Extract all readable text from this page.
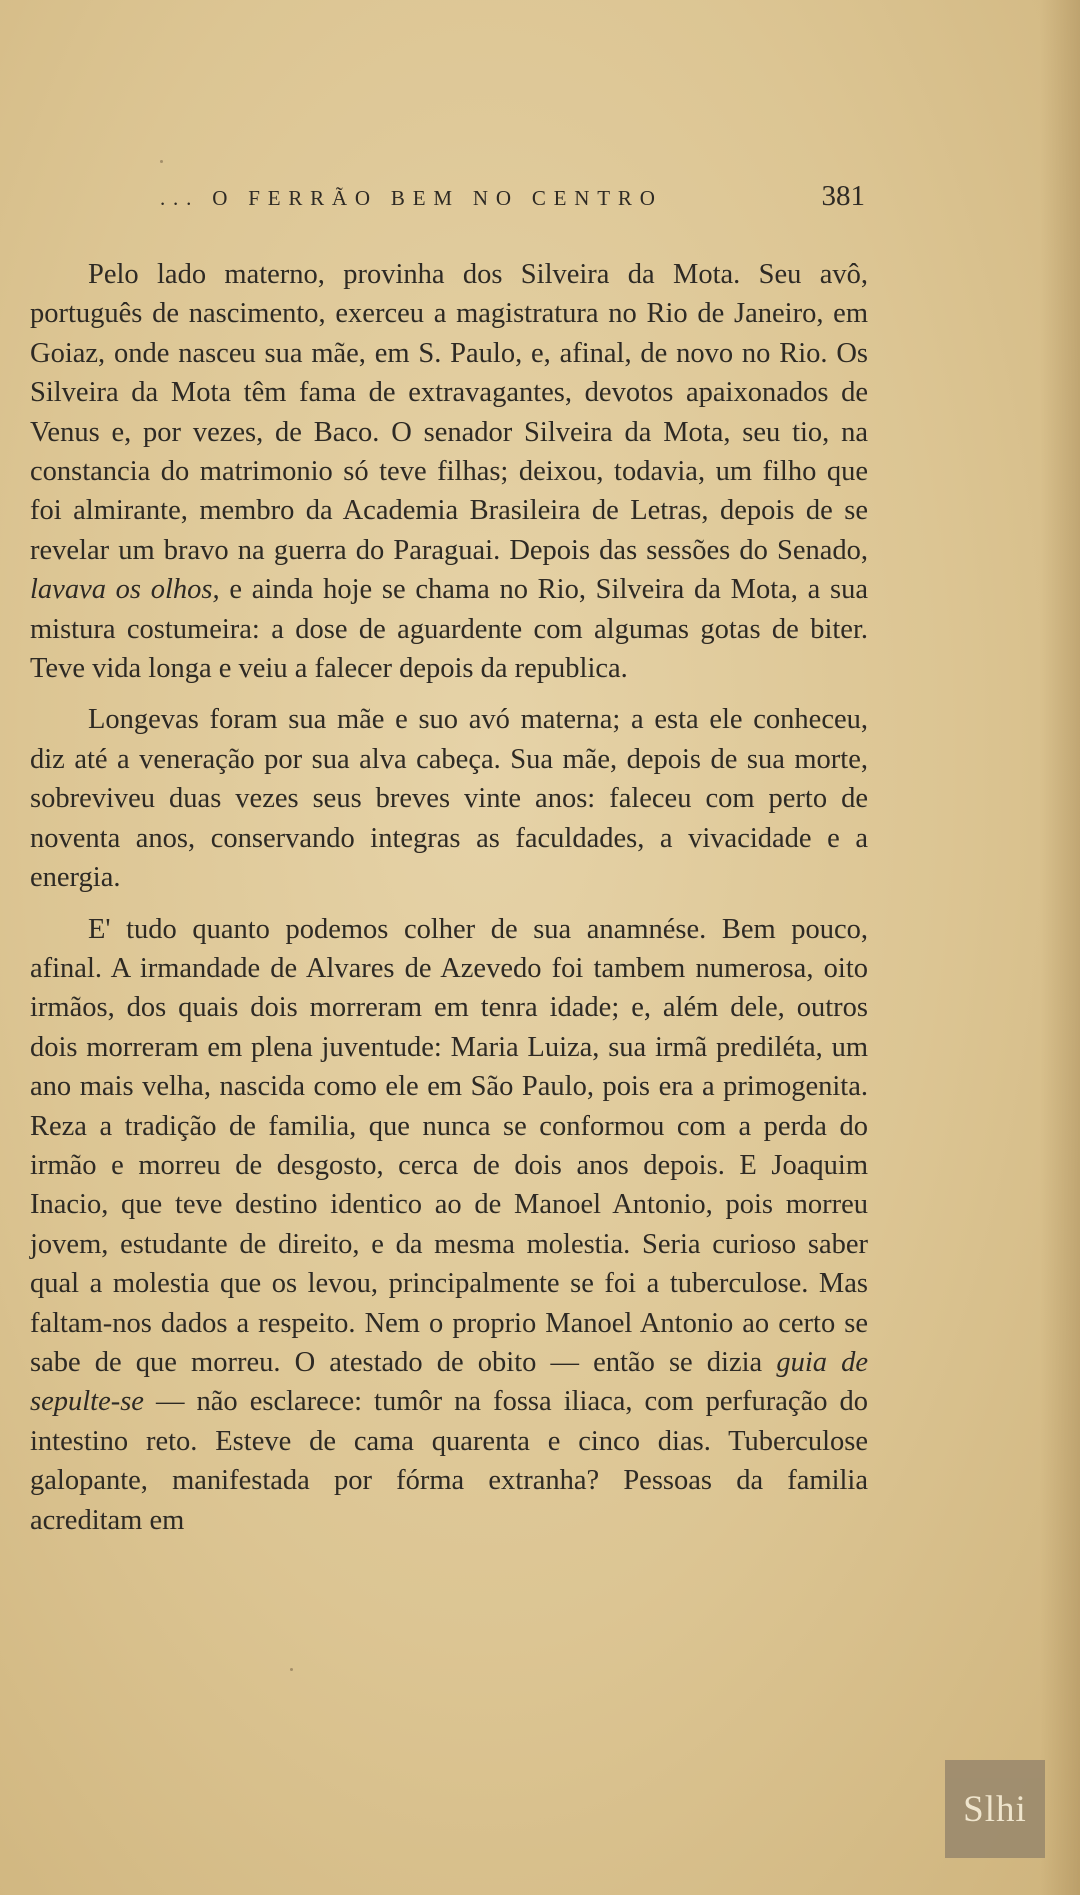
... O FERRÃO BEM NO CENTRO	381

Pelo lado materno, provinha dos Silveira da Mota. Seu avô, português de nascimento, exerceu a magistratura no Rio de Janeiro, em Goiaz, onde nasceu sua mãe, em S. Paulo, e, afinal, de novo no Rio. Os Silveira da Mota têm fama de extravagantes, devotos apaixonados de Venus e, por vezes, de Baco. O senador Silveira da Mota, seu tio, na constancia do matrimonio só teve filhas; deixou, todavia, um filho que foi almirante, membro da Academia Brasileira de Letras, depois de se revelar um bravo na guerra do Paraguai. Depois das sessões do Senado, lavava os olhos, e ainda hoje se chama no Rio, Silveira da Mota, a sua mistura costumeira: a dose de aguardente com algumas gotas de biter. Teve vida longa e veiu a falecer depois da republica.

Longevas foram sua mãe e suo avó materna; a esta ele conheceu, diz até a veneração por sua alva cabeça. Sua mãe, depois de sua morte, sobreviveu duas vezes seus breves vinte anos: faleceu com perto de noventa anos, conservando integras as faculdades, a vivacidade e a energia.

E' tudo quanto podemos colher de sua anamnése. Bem pouco, afinal. A irmandade de Alvares de Azevedo foi tambem numerosa, oito irmãos, dos quais dois morreram em tenra idade; e, além dele, outros dois morreram em plena juventude: Maria Luiza, sua irmã prediléta, um ano mais velha, nascida como ele em São Paulo, pois era a primogenita. Reza a tradição de familia, que nunca se conformou com a perda do irmão e morreu de desgosto, cerca de dois anos depois. E Joaquim Inacio, que teve destino identico ao de Manoel Antonio, pois morreu jovem, estudante de direito, e da mesma molestia. Seria curioso saber qual a molestia que os levou, principalmente se foi a tuberculose. Mas faltam-nos dados a respeito. Nem o proprio Manoel Antonio ao certo se sabe de que morreu. O atestado de obito — então se dizia guia de sepulte-se — não esclarece: tumôr na fossa iliaca, com perfuração do intestino reto. Esteve de cama quarenta e cinco dias. Tuberculose galopante, manifestada por fórma extranha? Pessoas da familia acreditam em

Slhi
